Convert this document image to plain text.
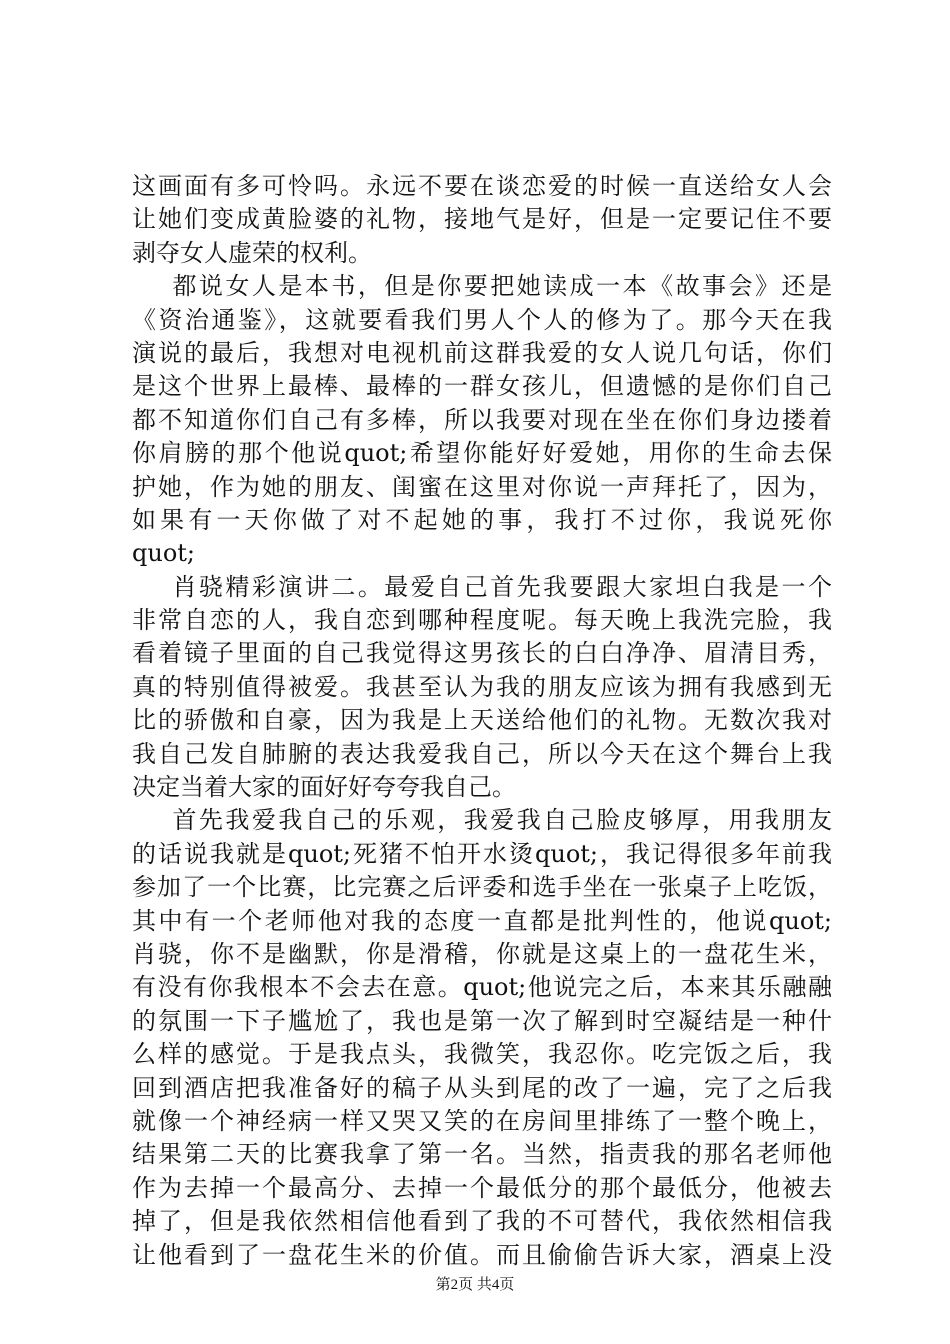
这画面有多可怜吗。永远不要在谈恋爱的时候一直送给女人会
让她们变成黄脸婆的礼物，接地气是好，但是一定要记住不要
剥夺女人虚荣的权利。
都说女人是本书，但是你要把她读成一本《故事会》还是
《资治通鉴》，这就要看我们男人个人的修为了。那今天在我
演说的最后，我想对电视机前这群我爱的女人说几句话，你们
是这个世界上最棒、最棒的一群女孩儿，但遗憾的是你们自己
都不知道你们自己有多棒，所以我要对现在坐在你们身边搂着
你肩膀的那个他说quot;希望你能好好爱她，用你的生命去保
护她，作为她的朋友、闺蜜在这里对你说一声拜托了，因为，
如果有一天你做了对不起她的事，我打不过你，我说死你
quot;
肖骁精彩演讲二。最爱自己首先我要跟大家坦白我是一个
非常自恋的人，我自恋到哪种程度呢。每天晚上我洗完脸，我
看着镜子里面的自己我觉得这男孩长的白白净净、眉清目秀，
真的特别值得被爱。我甚至认为我的朋友应该为拥有我感到无
比的骄傲和自豪，因为我是上天送给他们的礼物。无数次我对
我自己发自肺腑的表达我爱我自己，所以今天在这个舞台上我
决定当着大家的面好好夸夸我自己。
首先我爱我自己的乐观，我爱我自己脸皮够厚，用我朋友
的话说我就是quot;死猪不怕开水烫quot;，我记得很多年前我
参加了一个比赛，比完赛之后评委和选手坐在一张桌子上吃饭，
其中有一个老师他对我的态度一直都是批判性的，他说quot;
肖骁，你不是幽默，你是滑稽，你就是这桌上的一盘花生米，
有没有你我根本不会去在意。quot;他说完之后，本来其乐融融
的氛围一下子尴尬了，我也是第一次了解到时空凝结是一种什
么样的感觉。于是我点头，我微笑，我忍你。吃完饭之后，我
回到酒店把我准备好的稿子从头到尾的改了一遍，完了之后我
就像一个神经病一样又哭又笑的在房间里排练了一整个晚上，
结果第二天的比赛我拿了第一名。当然，指责我的那名老师他
作为去掉一个最高分、去掉一个最低分的那个最低分，他被去
掉了，但是我依然相信他看到了我的不可替代，我依然相信我
让他看到了一盘花生米的价值。而且偷偷告诉大家，酒桌上没
第2页 共4页
